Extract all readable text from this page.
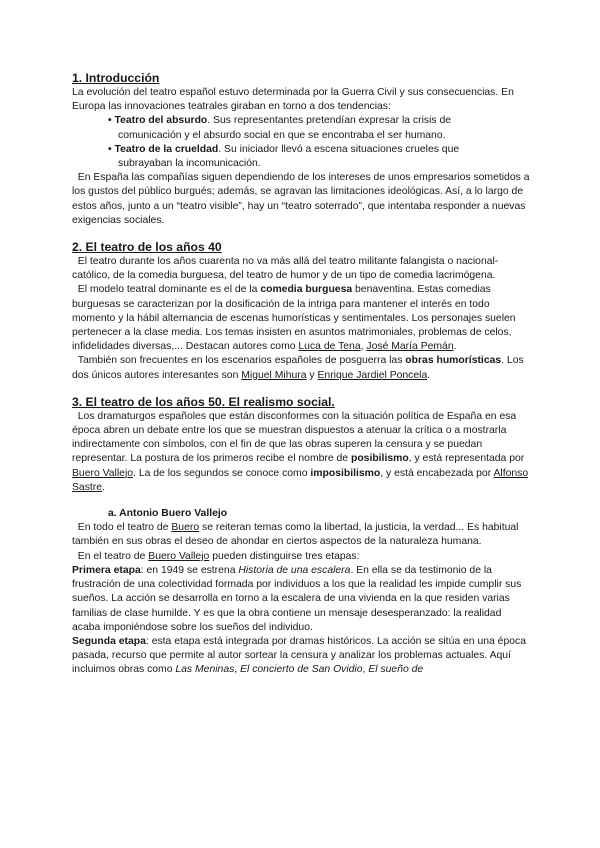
1. Introducción

La evolución del teatro español estuvo determinada por la Guerra Civil y sus consecuencias. En Europa las innovaciones teatrales giraban en torno a dos tendencias:

• Teatro del absurdo. Sus representantes pretendían expresar la crisis de
comunicación y el absurdo social en que se encontraba el ser humano.
• Teatro de la crueldad. Su iniciador llevó a escena situaciones crueles que
subrayaban la incomunicación.

En España las compañías siguen dependiendo de los intereses de unos empresarios sometidos a los gustos del público burgués; además, se agravan las limitaciones ideológicas. Así, a lo largo de estos años, junto a un “teatro visible”, hay un “teatro soterrado”, que intentaba responder a nuevas exigencias sociales.

2. El teatro de los años 40

El teatro durante los años cuarenta no va más allá del teatro militante falangista o nacional-católico, de la comedia burguesa, del teatro de humor y de un tipo de comedia lacrimógena.

El modelo teatral dominante es el de la comedia burguesa benaventina. Estas comedias burguesas se caracterizan por la dosificación de la intriga para mantener el interés en todo momento y la hábil alternancia de escenas humorísticas y sentimentales. Los personajes suelen pertenecer a la clase media. Los temas insisten en asuntos matrimoniales, problemas de celos, infidelidades diversas,... Destacan autores como Luca de Tena, José María Pemán.

También son frecuentes en los escenarios españoles de posguerra las obras humorísticas. Los dos únicos autores interesantes son Miguel Mihura y Enrique Jardiel Poncela.

3. El teatro de los años 50. El realismo social.

Los dramaturgos españoles que están disconformes con la situación política de España en esa época abren un debate entre los que se muestran dispuestos a atenuar la crítica o a mostrarla indirectamente con símbolos, con el fin de que las obras superen la censura y se puedan representar. La postura de los primeros recibe el nombre de posibilismo, y está representada por Buero Vallejo. La de los segundos se conoce como imposibilismo, y está encabezada por Alfonso Sastre.

a. Antonio Buero Vallejo

En todo el teatro de Buero se reiteran temas como la libertad, la justicia, la verdad... Es habitual también en sus obras el deseo de ahondar en ciertos aspectos de la naturaleza humana.

En el teatro de Buero Vallejo pueden distinguirse tres etapas:

Primera etapa: en 1949 se estrena Historia de una escalera. En ella se da testimonio de la frustración de una colectividad formada por individuos a los que la realidad les impide cumplir sus sueños. La acción se desarrolla en torno a la escalera de una vivienda en la que residen varias familias de clase humilde. Y es que la obra contiene un mensaje desesperanzado: la realidad acaba imponiéndose sobre los sueños del individuo.

Segunda etapa: esta etapa está integrada por dramas históricos. La acción se sitúa en una época pasada, recurso que permite al autor sortear la censura y analizar los problemas actuales. Aquí incluimos obras como Las Meninas, El concierto de San Ovidio, El sueño de
